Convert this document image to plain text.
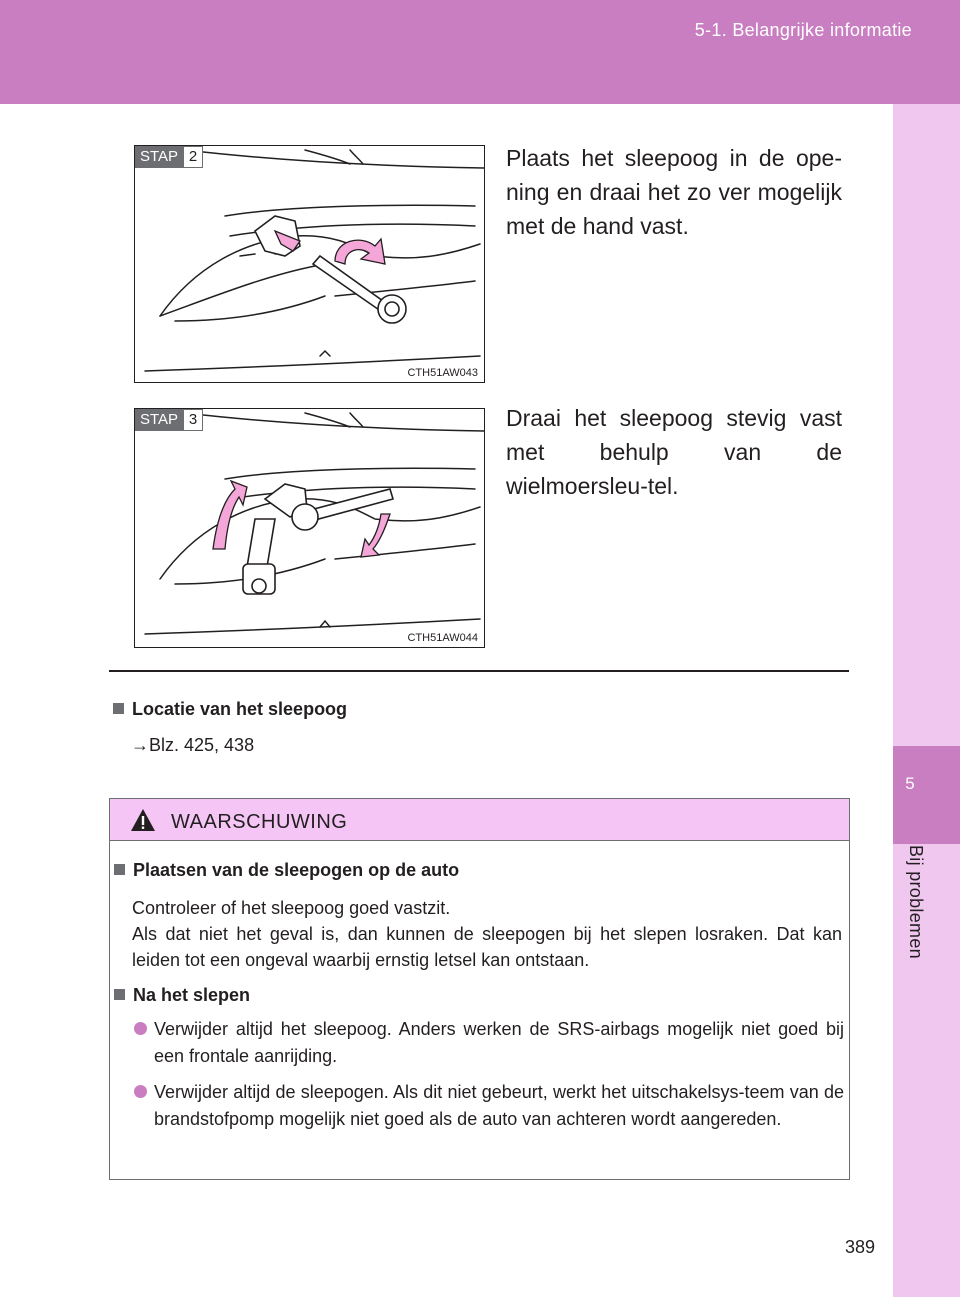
5-1. Belangrijke informatie
5
Bij problemen
STAP 2
CTH51AW043
Plaats het sleepoog in de ope-ning en draai het zo ver mogelijk met de hand vast.
STAP 3
CTH51AW044
Draai het sleepoog stevig vast met behulp van de wielmoersleu-tel.
Locatie van het sleepoog
→Blz. 425, 438
WAARSCHUWING
Plaatsen van de sleepogen op de auto
Controleer of het sleepoog goed vastzit.
Als dat niet het geval is, dan kunnen de sleepogen bij het slepen losraken. Dat kan leiden tot een ongeval waarbij ernstig letsel kan ontstaan.
Na het slepen
Verwijder altijd het sleepoog. Anders werken de SRS-airbags mogelijk niet goed bij een frontale aanrijding.
Verwijder altijd de sleepogen. Als dit niet gebeurt, werkt het uitschakelsys-teem van de brandstofpomp mogelijk niet goed als de auto van achteren wordt aangereden.
389
